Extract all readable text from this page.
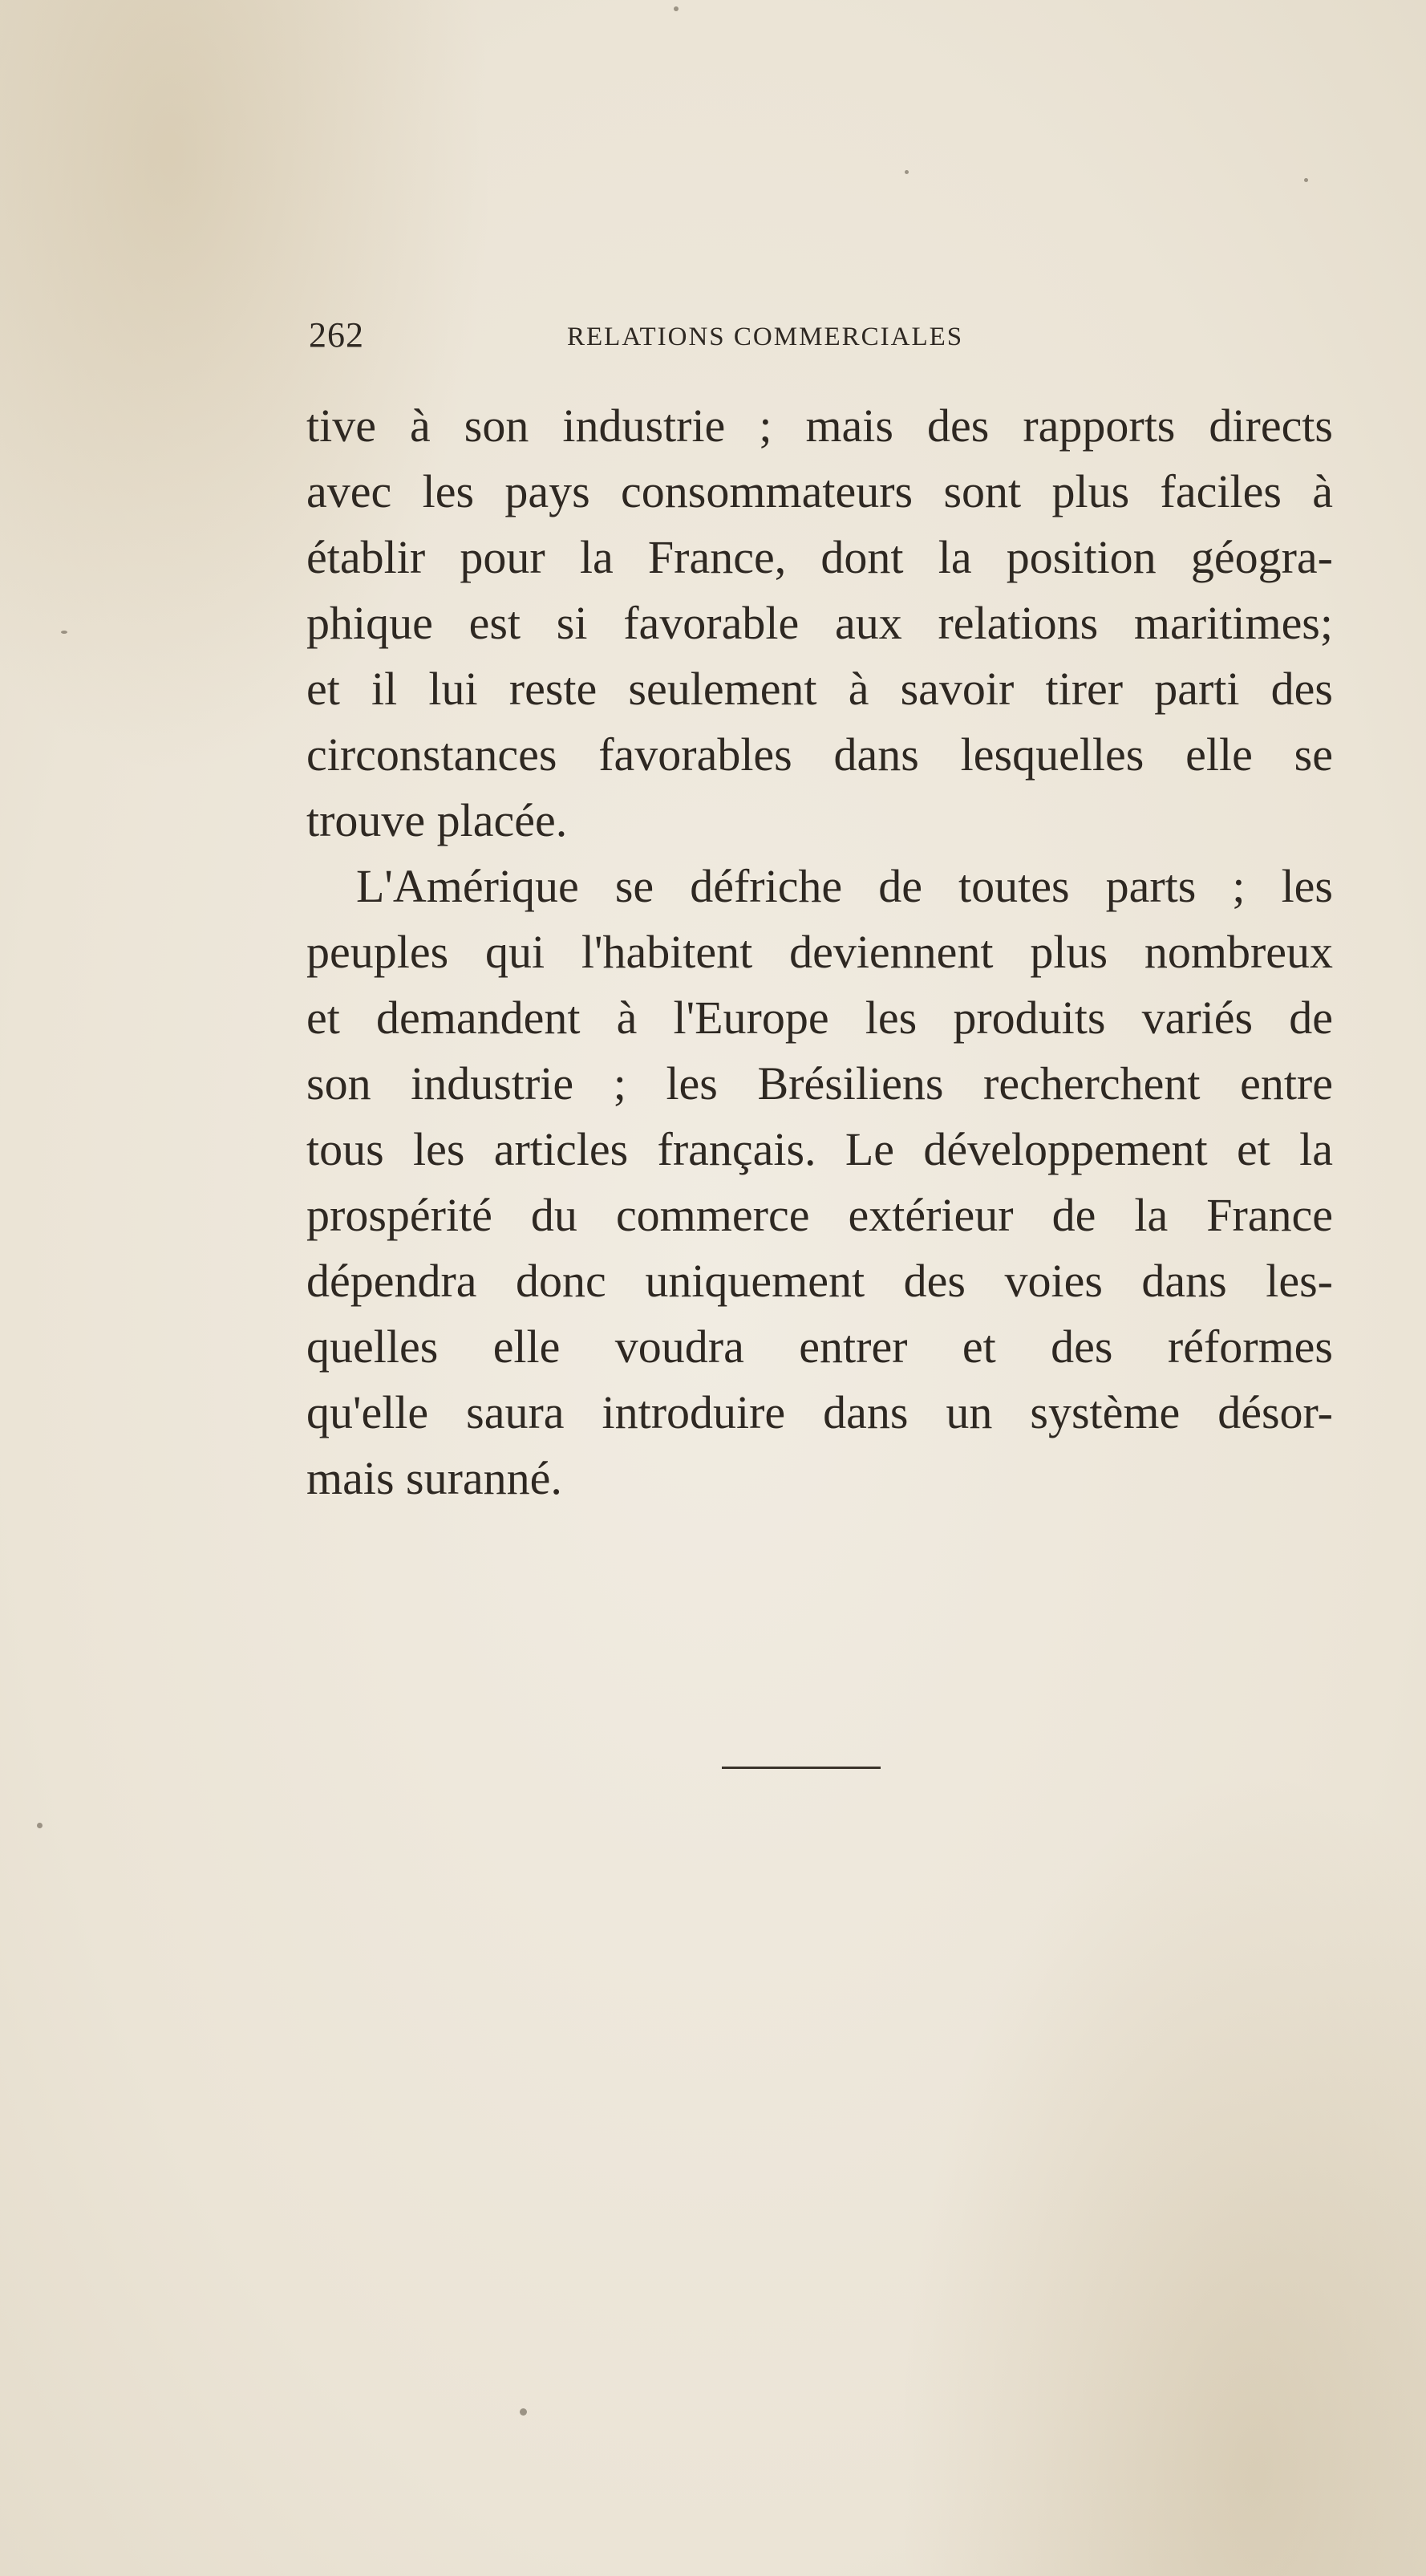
262	RELATIONS COMMERCIALES
tive à son industrie ; mais des rapports directs
avec les pays consommateurs sont plus faciles à
établir pour la France, dont la position géogra-
phique est si favorable aux relations maritimes;
et il lui reste seulement à savoir tirer parti des
circonstances favorables dans lesquelles elle se
trouve placée.
L'Amérique se défriche de toutes parts ; les
peuples qui l'habitent deviennent plus nombreux
et demandent à l'Europe les produits variés de
son industrie ; les Brésiliens recherchent entre
tous les articles français. Le développement et la
prospérité du commerce extérieur de la France
dépendra donc uniquement des voies dans les-
quelles elle voudra entrer et des réformes
qu'elle saura introduire dans un système désor-
mais suranné.
